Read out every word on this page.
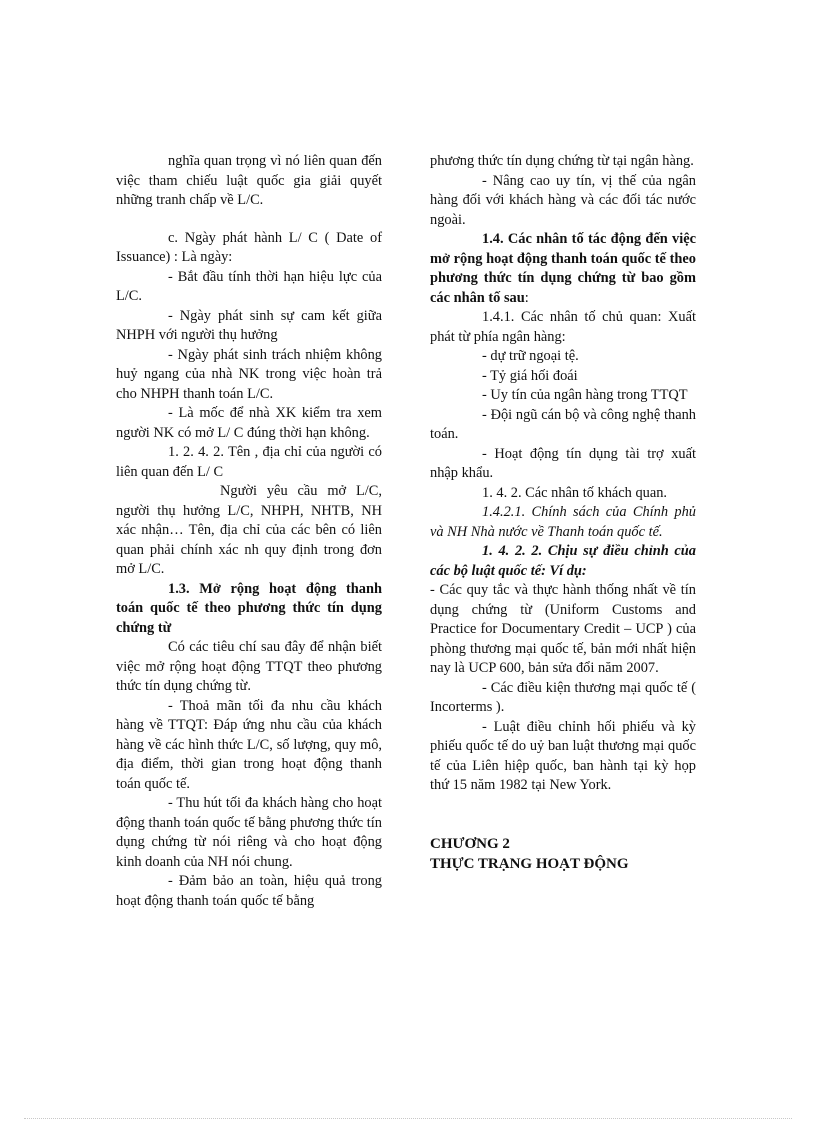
nghĩa quan trọng vì nó liên quan đến việc tham chiếu luật quốc gia giải quyết những tranh chấp về L/C.

c. Ngày phát hành L/ C ( Date of Issuance) : Là ngày:

- Bắt đầu tính thời hạn hiệu lực của L/C.

- Ngày phát sinh sự cam kết giữa NHPH với người thụ hưởng

- Ngày phát sinh trách nhiệm không huỷ ngang của nhà NK trong việc hoàn trả cho NHPH thanh toán L/C.

- Là mốc để nhà XK kiểm tra xem người NK có mở L/ C đúng thời hạn không.

1. 2. 4. 2. Tên , địa chỉ của người có liên quan đến L/ C

Người yêu cầu mở L/C, người thụ hưởng L/C, NHPH, NHTB, NH xác nhận… Tên, địa chỉ của các bên có liên quan phải chính xác nh quy định trong đơn mở L/C.

1.3. Mở rộng hoạt động thanh toán quốc tế theo phương thức tín dụng chứng từ

Có các tiêu chí sau đây để nhận biết việc mở rộng hoạt động TTQT theo phương thức tín dụng chứng từ.

- Thoả mãn tối đa nhu cầu khách hàng về TTQT: Đáp ứng nhu cầu của khách hàng về các hình thức L/C, số lượng, quy mô, địa điểm, thời gian trong hoạt động thanh toán quốc tế.

- Thu hút tối đa khách hàng cho hoạt động thanh toán quốc tế bằng phương thức tín dụng chứng từ nói riêng và cho hoạt động kinh doanh của NH nói chung.

- Đảm bảo an toàn, hiệu quả trong hoạt động thanh toán quốc tế bằng

phương thức tín dụng chứng từ tại ngân hàng.

- Nâng cao uy tín, vị thế của ngân hàng đối với khách hàng và các đối tác nước ngoài.

1.4. Các nhân tố tác động đến việc mở rộng hoạt động thanh toán quốc tế theo phương thức tín dụng chứng từ bao gồm các nhân tố sau:

1.4.1. Các nhân tố chủ quan: Xuất phát từ phía ngân hàng:

- dự trữ ngoại tệ.

- Tỷ giá hối đoái

- Uy tín của ngân hàng trong TTQT

- Đội ngũ cán bộ và công nghệ thanh toán.

- Hoạt động tín dụng tài trợ xuất nhập khẩu.

1. 4. 2. Các nhân tố khách quan.

1.4.2.1. Chính sách của Chính phủ và NH Nhà nước về Thanh toán quốc tế.

1. 4. 2. 2. Chịu sự điều chỉnh của các bộ luật quốc tế: Ví dụ:

- Các quy tắc và thực hành thống nhất về tín dụng chứng từ (Uniform Customs and Practice for Documentary Credit – UCP ) của phòng thương mại quốc tế, bản mới nhất hiện nay là UCP 600, bản sửa đổi năm 2007.

- Các điều kiện thương mại quốc tế ( Incorterms ).

- Luật điều chỉnh hối phiếu và kỳ phiếu quốc tế do uỷ ban luật thương mại quốc tế của Liên hiệp quốc, ban hành tại kỳ họp thứ 15 năm 1982 tại New York.

CHƯƠNG 2

THỰC TRẠNG HOẠT ĐỘNG
